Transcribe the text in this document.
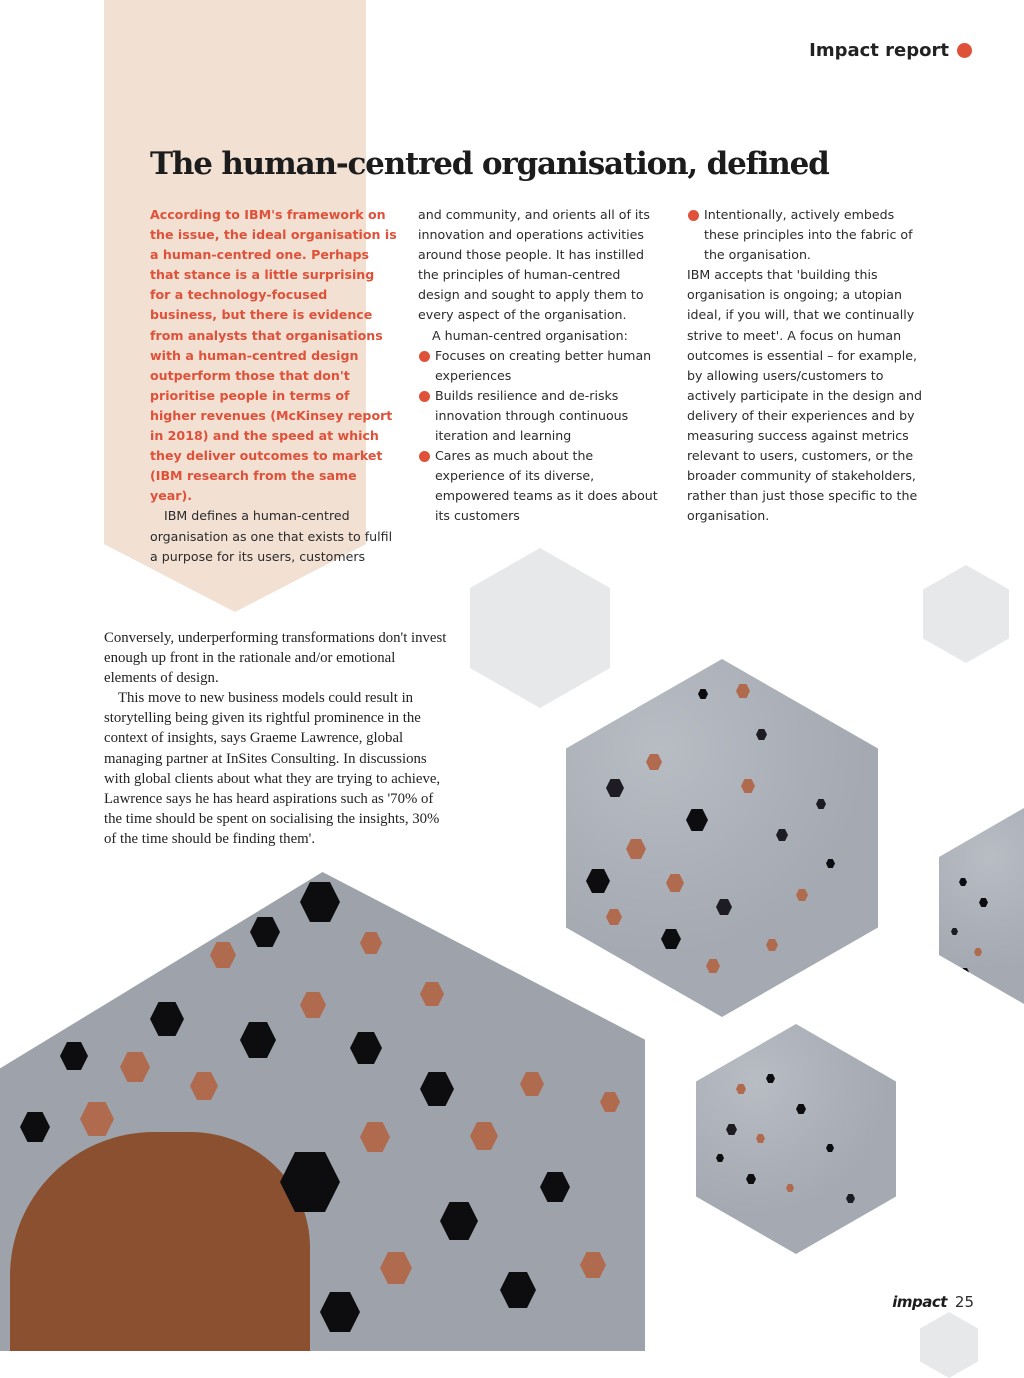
Impact report
The human-centred organisation, defined

According to IBM's framework on the issue, the ideal organisation is a human-centred one. Perhaps that stance is a little surprising for a technology-focused business, but there is evidence from analysts that organisations with a human-centred design outperform those that don't prioritise people in terms of higher revenues (McKinsey report in 2018) and the speed at which they deliver outcomes to market (IBM research from the same year).

IBM defines a human-centred organisation as one that exists to fulfil a purpose for its users, customers

and community, and orients all of its innovation and operations activities around those people. It has instilled the principles of human-centred design and sought to apply them to every aspect of the organisation.

A human-centred organisation:

Focuses on creating better human experiences
Builds resilience and de-risks innovation through continuous iteration and learning
Cares as much about the experience of its diverse, empowered teams as it does about its customers
Intentionally, actively embeds these principles into the fabric of the organisation.

IBM accepts that 'building this organisation is ongoing; a utopian ideal, if you will, that we continually strive to meet'. A focus on human outcomes is essential – for example, by allowing users/customers to actively participate in the design and delivery of their experiences and by measuring success against metrics relevant to users, customers, or the broader community of stakeholders, rather than just those specific to the organisation.

Conversely, underperforming transformations don't invest enough up front in the rationale and/or emotional elements of design.

This move to new business models could result in storytelling being given its rightful prominence in the context of insights, says Graeme Lawrence, global managing partner at InSites Consulting. In discussions with global clients about what they are trying to achieve, Lawrence says he has heard aspirations such as '70% of the time should be spent on socialising the insights, 30% of the time should be finding them'.

impact 25
